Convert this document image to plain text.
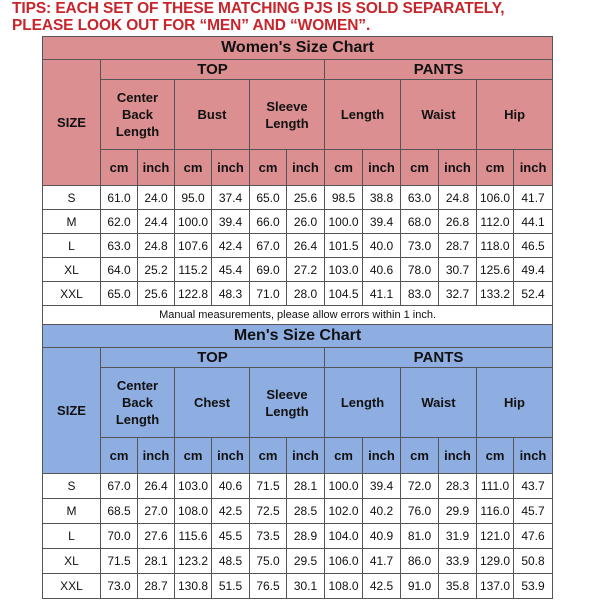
TIPS: EACH SET OF THESE MATCHING PJS IS SOLD SEPARATELY,
PLEASE LOOK OUT FOR “MEN” AND “WOMEN”.
Women's Size Chart												
SIZE	TOP						PANTS					
	Center Back Length		Bust		Sleeve Length		Length		Waist		Hip	
	cm	inch	cm	inch	cm	inch	cm	inch	cm	inch	cm	inch
S	61.0	24.0	95.0	37.4	65.0	25.6	98.5	38.8	63.0	24.8	106.0	41.7
M	62.0	24.4	100.0	39.4	66.0	26.0	100.0	39.4	68.0	26.8	112.0	44.1
L	63.0	24.8	107.6	42.4	67.0	26.4	101.5	40.0	73.0	28.7	118.0	46.5
XL	64.0	25.2	115.2	45.4	69.0	27.2	103.0	40.6	78.0	30.7	125.6	49.4
XXL	65.0	25.6	122.8	48.3	71.0	28.0	104.5	41.1	83.0	32.7	133.2	52.4
Manual measurements, please allow errors within 1 inch.												
Men's Size Chart												
SIZE	TOP						PANTS					
	Center Back Length		Chest		Sleeve Length		Length		Waist		Hip	
	cm	inch	cm	inch	cm	inch	cm	inch	cm	inch	cm	inch
S	67.0	26.4	103.0	40.6	71.5	28.1	100.0	39.4	72.0	28.3	111.0	43.7
M	68.5	27.0	108.0	42.5	72.5	28.5	102.0	40.2	76.0	29.9	116.0	45.7
L	70.0	27.6	115.6	45.5	73.5	28.9	104.0	40.9	81.0	31.9	121.0	47.6
XL	71.5	28.1	123.2	48.5	75.0	29.5	106.0	41.7	86.0	33.9	129.0	50.8
XXL	73.0	28.7	130.8	51.5	76.5	30.1	108.0	42.5	91.0	35.8	137.0	53.9
